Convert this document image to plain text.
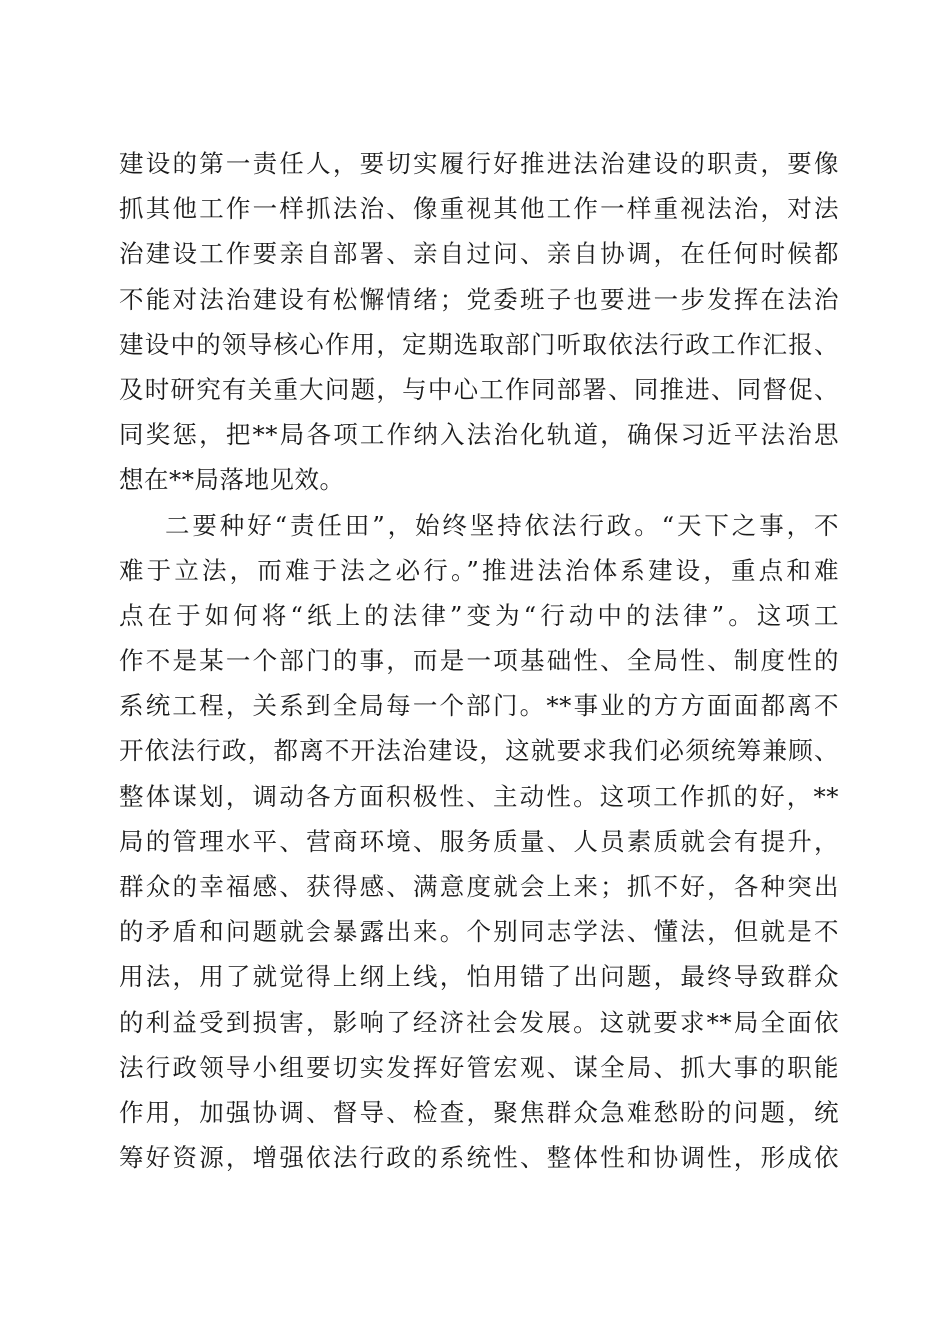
建设的第一责任人，要切实履行好推进法治建设的职责，要像
抓其他工作一样抓法治、像重视其他工作一样重视法治，对法
治建设工作要亲自部署、亲自过问、亲自协调，在任何时候都
不能对法治建设有松懈情绪；党委班子也要进一步发挥在法治
建设中的领导核心作用，定期选取部门听取依法行政工作汇报、
及时研究有关重大问题，与中心工作同部署、同推进、同督促、
同奖惩，把**局各项工作纳入法治化轨道，确保习近平法治思
想在**局落地见效。
二要种好“责任田”，始终坚持依法行政。“天下之事，不
难于立法，而难于法之必行。”推进法治体系建设，重点和难
点在于如何将“纸上的法律”变为“行动中的法律”。这项工
作不是某一个部门的事，而是一项基础性、全局性、制度性的
系统工程，关系到全局每一个部门。**事业的方方面面都离不
开依法行政，都离不开法治建设，这就要求我们必须统筹兼顾、
整体谋划，调动各方面积极性、主动性。这项工作抓的好，**
局的管理水平、营商环境、服务质量、人员素质就会有提升，
群众的幸福感、获得感、满意度就会上来；抓不好，各种突出
的矛盾和问题就会暴露出来。个别同志学法、懂法，但就是不
用法，用了就觉得上纲上线，怕用错了出问题，最终导致群众
的利益受到损害，影响了经济社会发展。这就要求**局全面依
法行政领导小组要切实发挥好管宏观、谋全局、抓大事的职能
作用，加强协调、督导、检查，聚焦群众急难愁盼的问题，统
筹好资源，增强依法行政的系统性、整体性和协调性，形成依
